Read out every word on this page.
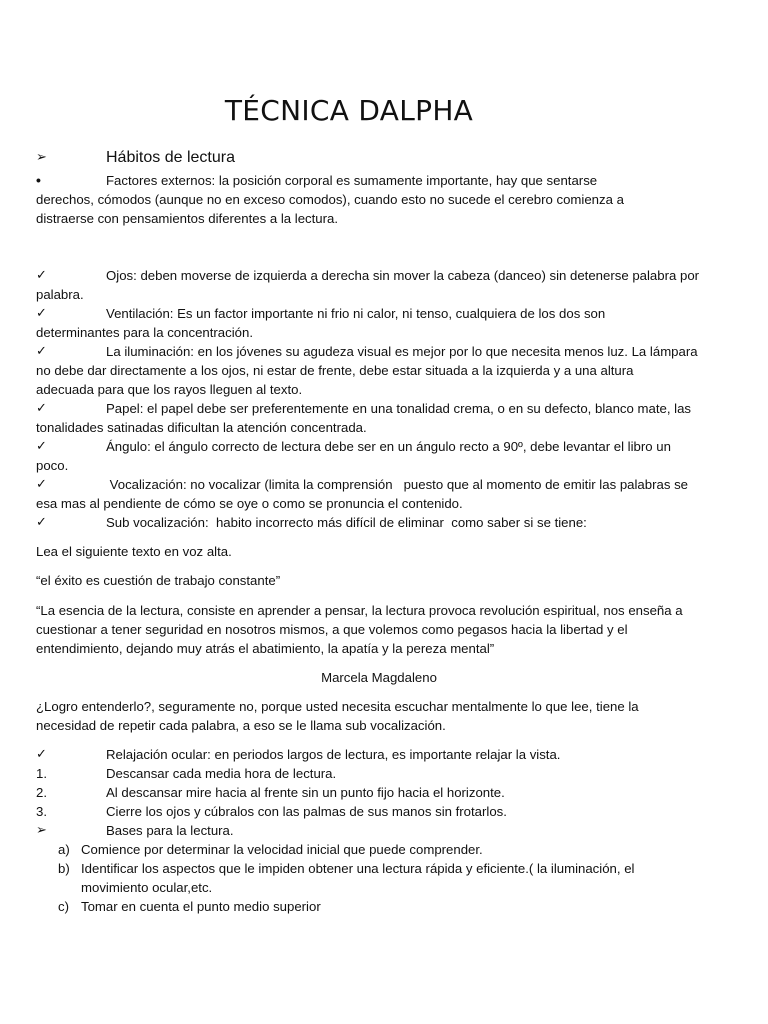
TÉCNICA DALPHA
➢	Hábitos de lectura
•	Factores externos: la posición corporal es sumamente importante, hay que sentarse
derechos, cómodos (aunque no en exceso comodos), cuando esto no sucede el cerebro comienza a
distraerse con pensamientos diferentes a la lectura.
✓	Ojos: deben moverse de izquierda a derecha sin mover la cabeza (danceo) sin detenerse palabra por
palabra.
✓	Ventilación: Es un factor importante ni frio ni calor, ni tenso, cualquiera de los dos son
determinantes para la concentración.
✓	La iluminación: en los jóvenes su agudeza visual es mejor por lo que necesita menos luz. La lámpara
no debe dar directamente a los ojos, ni estar de frente, debe estar situada a la izquierda y a una altura
adecuada para que los rayos lleguen al texto.
✓	Papel: el papel debe ser preferentemente en una tonalidad crema, o en su defecto, blanco mate, las
tonalidades satinadas dificultan la atención concentrada.
✓	Ángulo: el ángulo correcto de lectura debe ser en un ángulo recto a 90º, debe levantar el libro un
poco.
✓	Vocalización: no vocalizar (limita la comprensión   puesto que al momento de emitir las palabras se
esa mas al pendiente de cómo se oye o como se pronuncia el contenido.
✓	Sub vocalización:  habito incorrecto más difícil de eliminar  como saber si se tiene:
Lea el siguiente texto en voz alta.
“el éxito es cuestión de trabajo constante”
“La esencia de la lectura, consiste en aprender a pensar, la lectura provoca revolución espiritual, nos enseña a
cuestionar a tener seguridad en nosotros mismos, a que volemos como pegasos hacia la libertad y el
entendimiento, dejando muy atrás el abatimiento, la apatía y la pereza mental”
Marcela Magdaleno
¿Logro entenderlo?, seguramente no, porque usted necesita escuchar mentalmente lo que lee, tiene la
necesidad de repetir cada palabra, a eso se le llama sub vocalización.
✓	Relajación ocular: en periodos largos de lectura, es importante relajar la vista.
1.	Descansar cada media hora de lectura.
2.	Al descansar mire hacia al frente sin un punto fijo hacia el horizonte.
3.	Cierre los ojos y cúbralos con las palmas de sus manos sin frotarlos.
➢	Bases para la lectura.
a) Comience por determinar la velocidad inicial que puede comprender.
b) Identificar los aspectos que le impiden obtener una lectura rápida y eficiente.( la iluminación, el
movimiento ocular,etc.
c) Tomar en cuenta el punto medio superior
